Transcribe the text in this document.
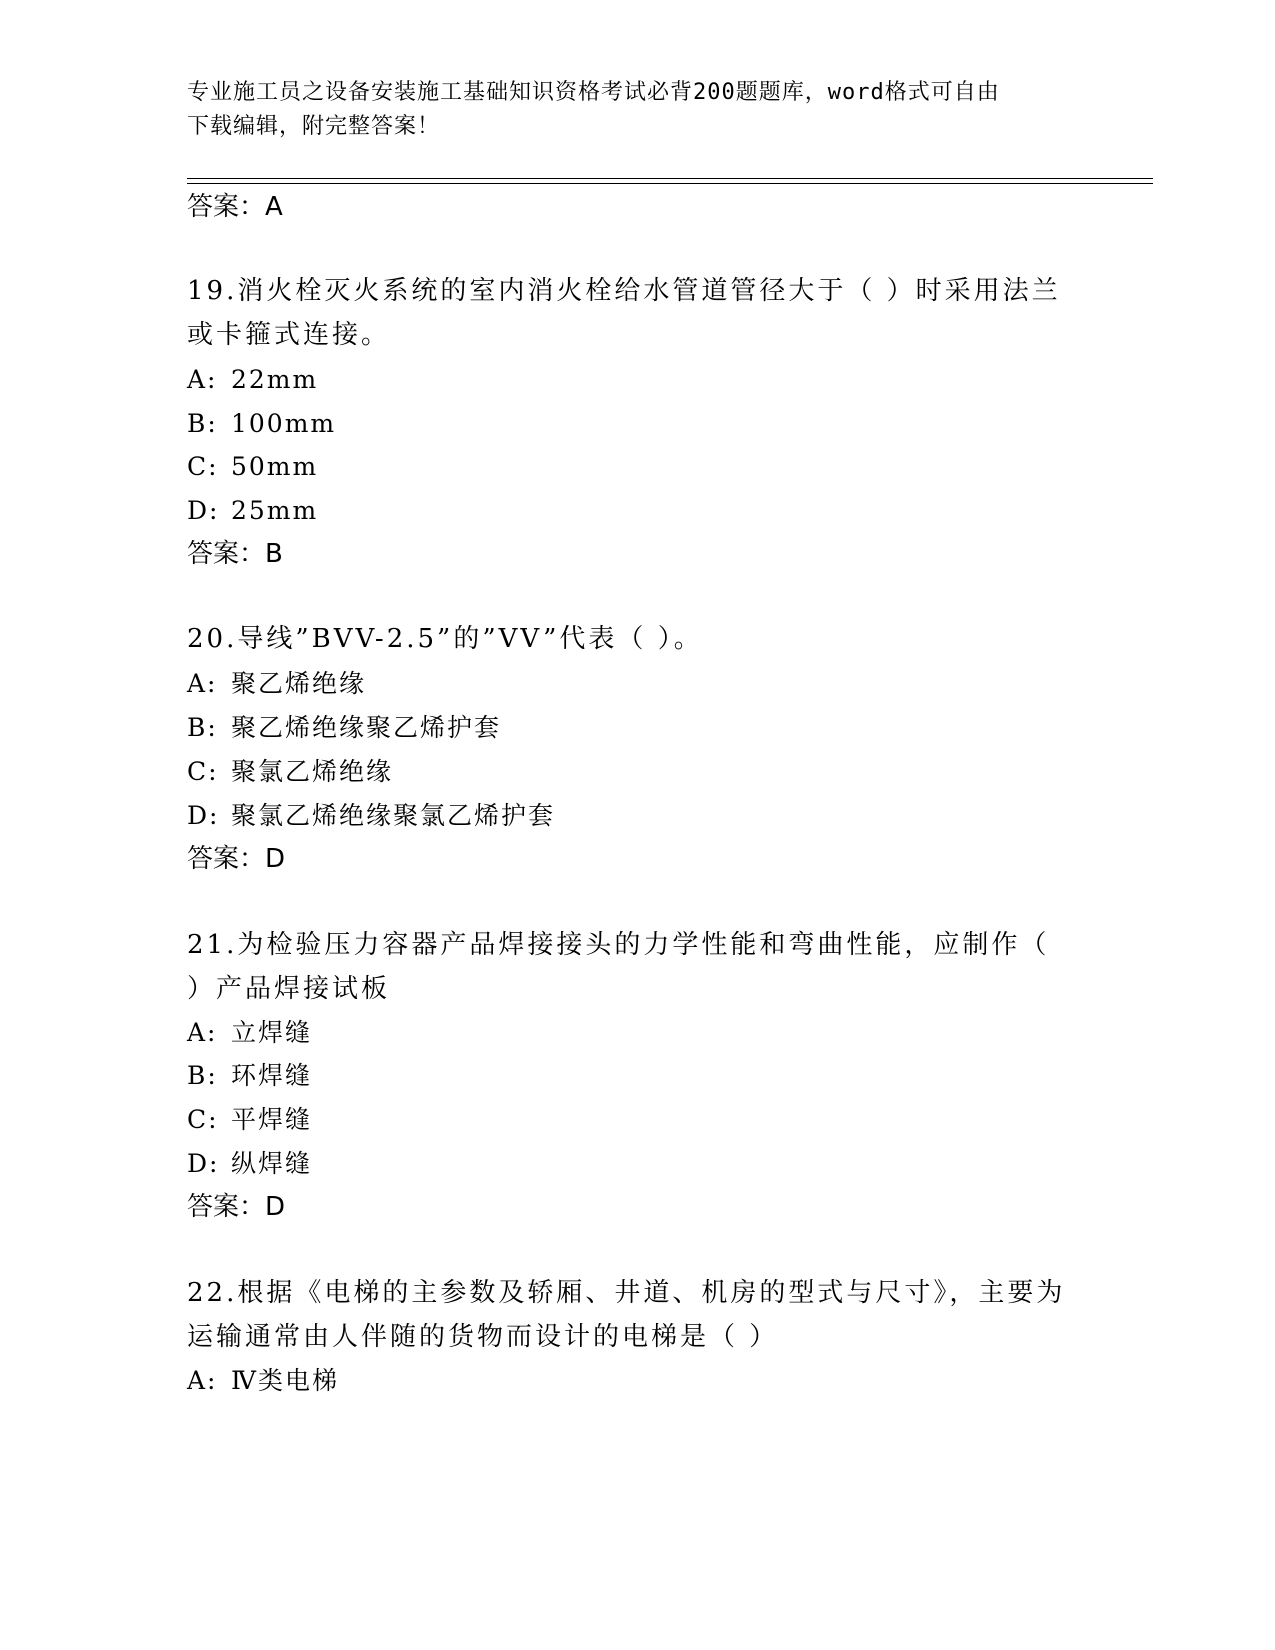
专业施工员之设备安装施工基础知识资格考试必背200题题库，word格式可自由
下载编辑，附完整答案！
答案：A
19.消火栓灭火系统的室内消火栓给水管道管径大于（ ）时采用法兰
或卡箍式连接。
A: 22mm
B: 100mm
C: 50mm
D: 25mm
答案：B
20.导线”BVV-2.5”的”VV”代表（ ）。
A: 聚乙烯绝缘
B: 聚乙烯绝缘聚乙烯护套
C: 聚氯乙烯绝缘
D: 聚氯乙烯绝缘聚氯乙烯护套
答案：D
21.为检验压力容器产品焊接接头的力学性能和弯曲性能，应制作（
）产品焊接试板
A: 立焊缝
B: 环焊缝
C: 平焊缝
D: 纵焊缝
答案：D
22.根据《电梯的主参数及轿厢、井道、机房的型式与尺寸》，主要为
运输通常由人伴随的货物而设计的电梯是（ ）
A: Ⅳ类电梯
